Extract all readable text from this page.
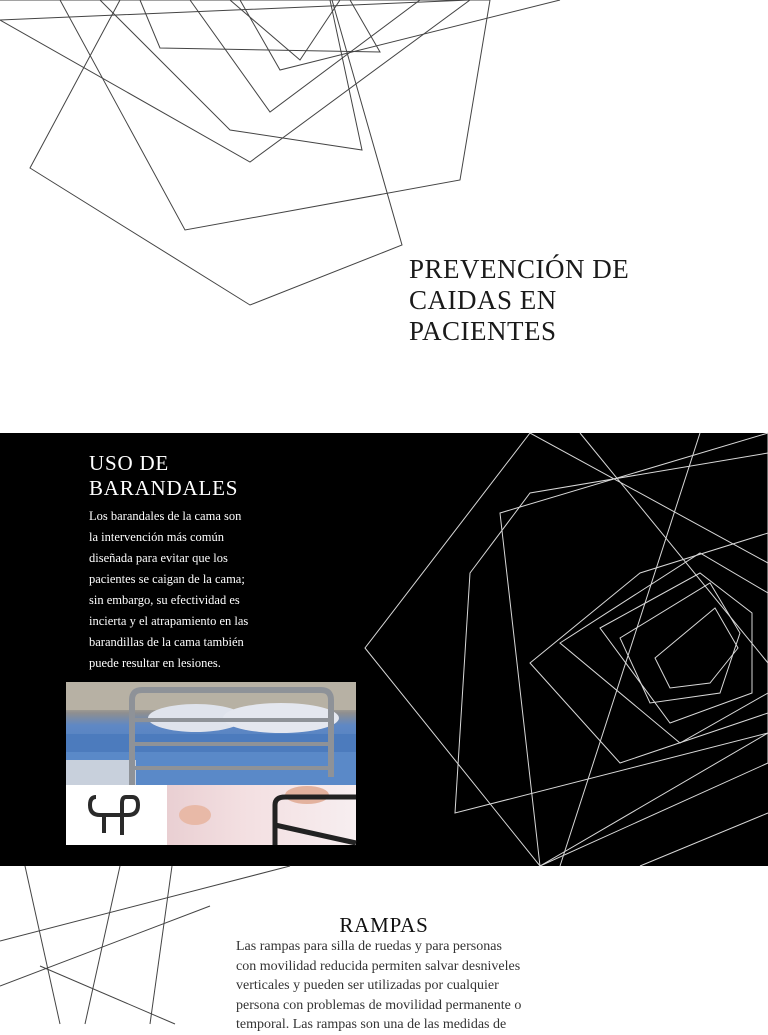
PREVENCIÓN DE
CAIDAS EN
PACIENTES
USO DE
BARANDALES

Los barandales de la cama son
la intervención más común
diseñada para evitar que los
pacientes se caigan de la cama;
sin embargo, su efectividad es
incierta y el atrapamiento en las
barandillas de la cama también
puede resultar en lesiones.

RAMPAS
Las rampas para silla de ruedas y para personas
con movilidad reducida permiten salvar desniveles
verticales y pueden ser utilizadas por cualquier
persona con problemas de movilidad permanente o
temporal. Las rampas son una de las medidas de
